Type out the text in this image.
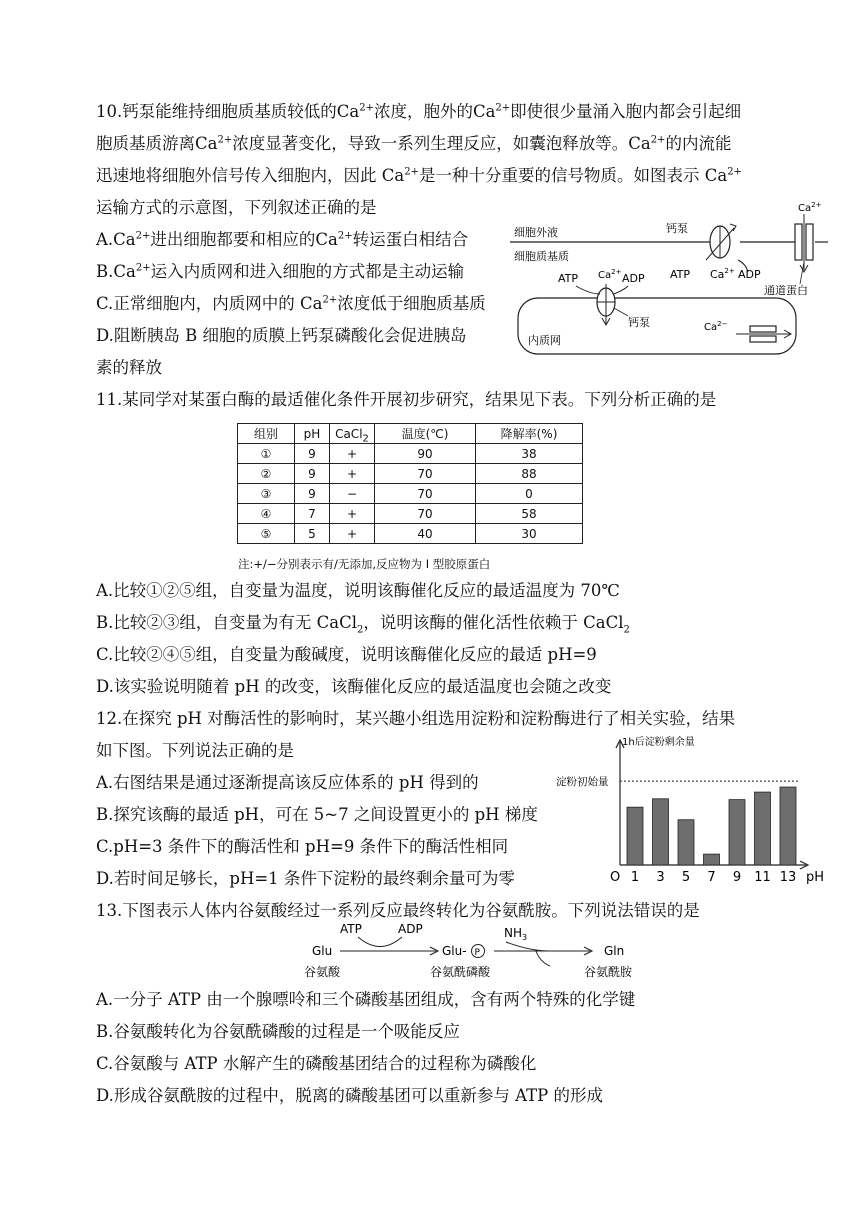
10.钙泵能维持细胞质基质较低的$Ca^{2+}$浓度，胞外的$Ca^{2+}$即使很少量涌入胞内都会引起细
胞质基质游离$Ca^{2+}$浓度显著变化，导致一系列生理反应，如囊泡释放等。$Ca^{2+}$的内流能
迅速地将细胞外信号传入细胞内，因此 $Ca^{2+}$是一种十分重要的信号物质。如图表示 $Ca^{2+}$
运输方式的示意图，下列叙述正确的是
$A.Ca^{2+}$进出细胞都要和相应的$Ca^{2+}$转运蛋白相结合
$B.Ca^{2+}$运入内质网和进入细胞的方式都是主动运输
C.正常细胞内，内质网中的 $Ca^{2+}$浓度低于细胞质基质
D.阻断胰岛 B 细胞的质膜上钙泵磷酸化会促进胰岛
素的释放
细胞外液
细胞质基质
钙泵
ATP $Ca^{2+}$ ADP
$Ca^{2+}$
通道蛋白
内质网
ATP $Ca^{2+}$ ADP
钙泵	$Ca^{2-}$
11.某同学对某蛋白酶的最适催化条件开展初步研究，结果见下表。下列分析正确的是
组别	pH	CaCl$_2$	温度(℃)	降解率(%)
①	9	+	90	38
②	9	+	70	88
③	9	−	70	0
④	7	+	70	58
⑤	5	+	40	30
注:+/−分别表示有/无添加,反应物为 I 型胶原蛋白
A.比较①②⑤组，自变量为温度，说明该酶催化反应的最适温度为 70℃
B.比较②③组，自变量为有无 CaCl$_2$，说明该酶的催化活性依赖于 CaCl$_2$
C.比较②④⑤组，自变量为酸碱度，说明该酶催化反应的最适 pH=9
D.该实验说明随着 pH 的改变，该酶催化反应的最适温度也会随之改变
12.在探究 pH 对酶活性的影响时，某兴趣小组选用淀粉和淀粉酶进行了相关实验，结果
如下图。下列说法正确的是
A.右图结果是通过逐渐提高该反应体系的 pH 得到的
B.探究该酶的最适 pH，可在 5~7 之间设置更小的 pH 梯度
C.pH=3 条件下的酶活性和 pH=9 条件下的酶活性相同
D.若时间足够长，pH=1 条件下淀粉的最终剩余量可为零
1h后淀粉剩余量
O	pH
淀粉初始量
1 3 5 7 9 11 13
13.下图表示人体内谷氨酸经过一系列反应最终转化为谷氨酰胺。下列说法错误的是
Glu
谷氨酸
ATP	ADP
Glu- P
谷氨酰磷酸
$NH_3$
Gln
谷氨酰胺
A.一分子 ATP 由一个腺嘌呤和三个磷酸基团组成，含有两个特殊的化学键
B.谷氨酸转化为谷氨酰磷酸的过程是一个吸能反应
C.谷氨酸与 ATP 水解产生的磷酸基团结合的过程称为磷酸化
D.形成谷氨酰胺的过程中，脱离的磷酸基团可以重新参与 ATP 的形成
